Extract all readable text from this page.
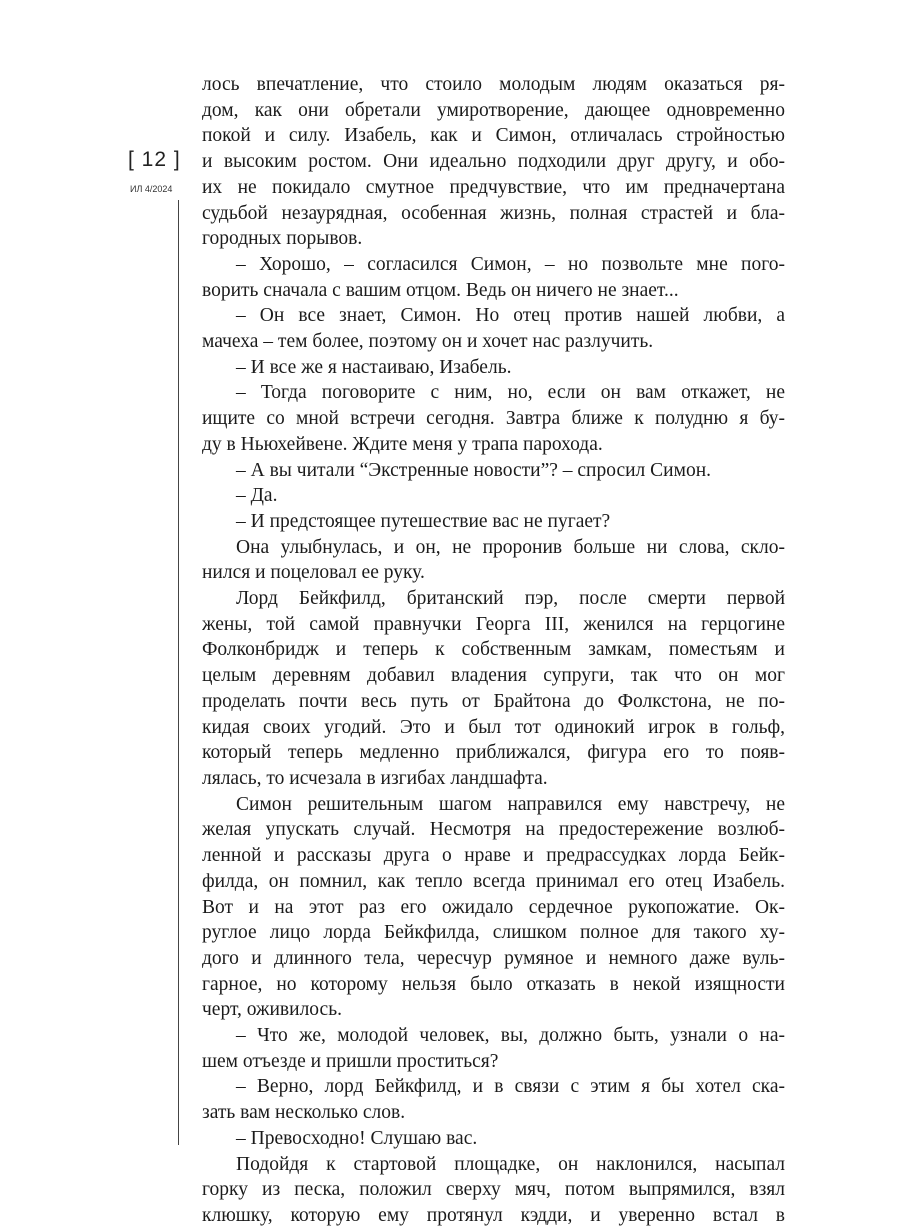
[ 12 ]
ИЛ 4/2024
лось впечатление, что стоило молодым людям оказаться ря-
дом, как они обретали умиротворение, дающее одновременно
покой и силу. Изабель, как и Симон, отличалась стройностью
и высоким ростом. Они идеально подходили друг другу, и обо-
их не покидало смутное предчувствие, что им предначертана
судьбой незаурядная, особенная жизнь, полная страстей и бла-
городных порывов.
– Хорошо, – согласился Симон, – но позвольте мне пого-
ворить сначала с вашим отцом. Ведь он ничего не знает...
– Он все знает, Симон. Но отец против нашей любви, а
мачеха – тем более, поэтому он и хочет нас разлучить.
– И все же я настаиваю, Изабель.
– Тогда поговорите с ним, но, если он вам откажет, не
ищите со мной встречи сегодня. Завтра ближе к полудню я бу-
ду в Ньюхейвене. Ждите меня у трапа парохода.
– А вы читали “Экстренные новости”? – спросил Симон.
– Да.
– И предстоящее путешествие вас не пугает?
Она улыбнулась, и он, не проронив больше ни слова, скло-
нился и поцеловал ее руку.
Лорд Бейкфилд, британский пэр, после смерти первой
жены, той самой правнучки Георга III, женился на герцогине
Фолконбридж и теперь к собственным замкам, поместьям и
целым деревням добавил владения супруги, так что он мог
проделать почти весь путь от Брайтона до Фолкстона, не по-
кидая своих угодий. Это и был тот одинокий игрок в гольф,
который теперь медленно приближался, фигура его то появ-
лялась, то исчезала в изгибах ландшафта.
Симон решительным шагом направился ему навстречу, не
желая упускать случай. Несмотря на предостережение возлюб-
ленной и рассказы друга о нраве и предрассудках лорда Бейк-
филда, он помнил, как тепло всегда принимал его отец Изабель.
Вот и на этот раз его ожидало сердечное рукопожатие. Ок-
руглое лицо лорда Бейкфилда, слишком полное для такого ху-
дого и длинного тела, чересчур румяное и немного даже вуль-
гарное, но которому нельзя было отказать в некой изящности
черт, оживилось.
– Что же, молодой человек, вы, должно быть, узнали о на-
шем отъезде и пришли проститься?
– Верно, лорд Бейкфилд, и в связи с этим я бы хотел ска-
зать вам несколько слов.
– Превосходно! Слушаю вас.
Подойдя к стартовой площадке, он наклонился, насыпал
горку из песка, положил сверху мяч, потом выпрямился, взял
клюшку, которую ему протянул кэдди, и уверенно встал в
